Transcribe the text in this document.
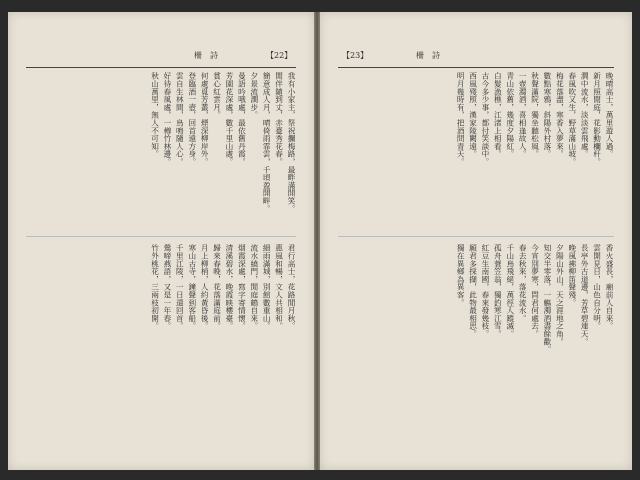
柵　詩	【22】
我有小家主，祭祝攔梅路，最畔滿開笑。
閒伴隨到丈，赤臺秀花春。
簡意成人月，晴倚雨霏雲，千頃盈開畔。
夕景流澗步。
曼語吟哦處，最依舊丹霞。
芳園花深處，數千里山處。
賞心紅雲月。
何處覓芳叢，煙深柳岸外。
登臨酒一壺，回首遠方身。
雲自生林間，鳥鳴隨人心。
好待春風處，一樽竹林邊。
秋山萬里，無人不可知。
君行高士，花路閒月秋。
惠風和暢，文人共相和。
細雨滿城，別館數重山。
流水繞門，閒庭鶴自來。
烟霞深處，寫字寄情懷。
清溪碧水，晚霞映樓臺。
歸來春晚，花落滿庭前。
月上柳梢，人約黃昏後。
寒山古寺，鐘聲到客船。
千里江陵，一日還回首。
鶯啼燕語，又是一年春。
竹外桃花，三兩枝初開。
【23】	柵　詩
晚晴高士，萬里遊人過。
新月照閒庭，花影動欄杆。
澗中流水，淡淡雲飛處。
春風吹又生，野草滿山坡。
梅花落盡，寒香入夢來。
數點寒鴉，斜陽外村落。
秋聲滿院，獨坐聽松風。
一壺濁酒，喜相逢故人。
青山依舊，幾度夕陽紅。
白髮漁樵，江渚上相看。
古今多少事，都付笑談中。
西風殘照，漢家陵闕遠。
明月幾時有，把酒問青天。
香火盛長，廟前人自來。
雲開見日，山色自分明。
長亭外古道邊，芳草碧連天。
晚風拂柳笛聲殘。
夕陽山外山，天之涯地之角。
知交半零落，一觴濁酒盡餘歡。
今宵別夢寒，問君何處去。
春去秋來，落花流水。
千山鳥飛絕，萬徑人蹤滅。
孤舟蓑笠翁，獨釣寒江雪。
紅豆生南國，春來發幾枝。
願君多採擷，此物最相思。
獨在異鄉為異客。
